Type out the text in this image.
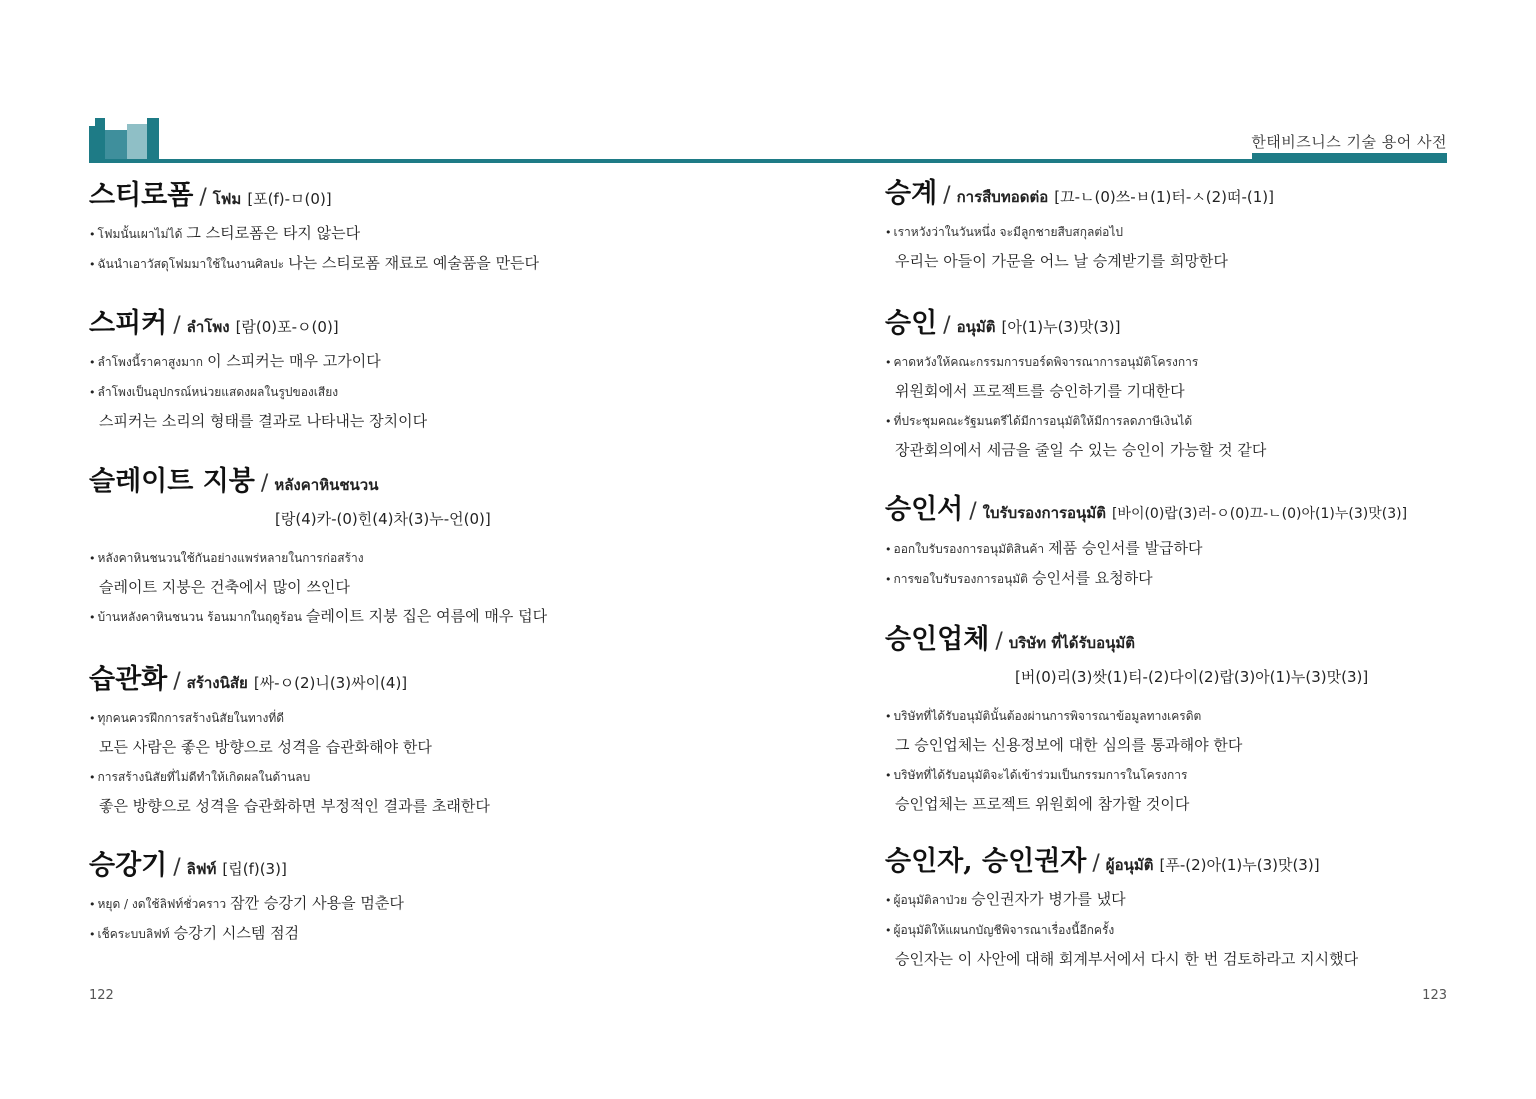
한태비즈니스 기술 용어 사전
스티로폼 / โฟม [포(f)-ㅁ(0)]
• โฟมนั้นเผาไม่ได้ 그 스티로폼은 타지 않는다
• ฉันนำเอาวัสดุโฟมมาใช้ในงานศิลปะ 나는 스티로폼 재료로 예술품을 만든다
스피커 / ลำโพง [람(0)포-ㅇ(0)]
• ลำโพงนี้ราคาสูงมาก 이 스피커는 매우 고가이다
• ลำโพงเป็นอุปกรณ์หน่วยแสดงผลในรูปของเสียง
스피커는 소리의 형태를 결과로 나타내는 장치이다
슬레이트 지붕 / หลังคาหินชนวน
[랑(4)카-(0)힌(4)차(3)누-언(0)]
• หลังคาหินชนวนใช้กันอย่างแพร่หลายในการก่อสร้าง
슬레이트 지붕은 건축에서 많이 쓰인다
• บ้านหลังคาหินชนวน ร้อนมากในฤดูร้อน 슬레이트 지붕 집은 여름에 매우 덥다
습관화 / สร้างนิสัย [싸-ㅇ(2)니(3)싸이(4)]
• ทุกคนควรฝึกการสร้างนิสัยในทางที่ดี
모든 사람은 좋은 방향으로 성격을 습관화해야 한다
• การสร้างนิสัยที่ไม่ดีทำให้เกิดผลในด้านลบ
좋은 방향으로 성격을 습관화하면 부정적인 결과를 초래한다
승강기 / ลิฟท์ [립(f)(3)]
• หยุด / งดใช้ลิฟท์ชั่วคราว 잠깐 승강기 사용을 멈춘다
• เช็คระบบลิฟท์ 승강기 시스템 점검
승계 / การสืบทอดต่อ [끄-ㄴ(0)쓰-ㅂ(1)터-ㅅ(2)떠-(1)]
• เราหวังว่าในวันหนึ่ง จะมีลูกชายสืบสกุลต่อไป
우리는 아들이 가문을 어느 날 승계받기를 희망한다
승인 / อนุมัติ [아(1)누(3)맛(3)]
• คาดหวังให้คณะกรรมการบอร์ดพิจารณาการอนุมัติโครงการ
위원회에서 프로젝트를 승인하기를 기대한다
• ที่ประชุมคณะรัฐมนตรีได้มีการอนุมัติให้มีการลดภาษีเงินได้
장관회의에서 세금을 줄일 수 있는 승인이 가능할 것 같다
승인서 / ใบรับรองการอนุมัติ [바이(0)랍(3)러-ㅇ(0)끄-ㄴ(0)아(1)누(3)맛(3)]
• ออกใบรับรองการอนุมัติสินค้า 제품 승인서를 발급하다
• การขอใบรับรองการอนุมัติ 승인서를 요청하다
승인업체 / บริษัท ที่ได้รับอนุมัติ
[버(0)리(3)쌋(1)티-(2)다이(2)랍(3)아(1)누(3)맛(3)]
• บริษัทที่ได้รับอนุมัตินั้นต้องผ่านการพิจารณาข้อมูลทางเครดิต
그 승인업체는 신용정보에 대한 심의를 통과해야 한다
• บริษัทที่ได้รับอนุมัติจะได้เข้าร่วมเป็นกรรมการในโครงการ
승인업체는 프로젝트 위원회에 참가할 것이다
승인자, 승인권자 / ผู้อนุมัติ [푸-(2)아(1)누(3)맛(3)]
• ผู้อนุมัติลาป่วย 승인권자가 병가를 냈다
• ผู้อนุมัติให้แผนกบัญชีพิจารณาเรื่องนี้อีกครั้ง
승인자는 이 사안에 대해 회계부서에서 다시 한 번 검토하라고 지시했다
122	123
